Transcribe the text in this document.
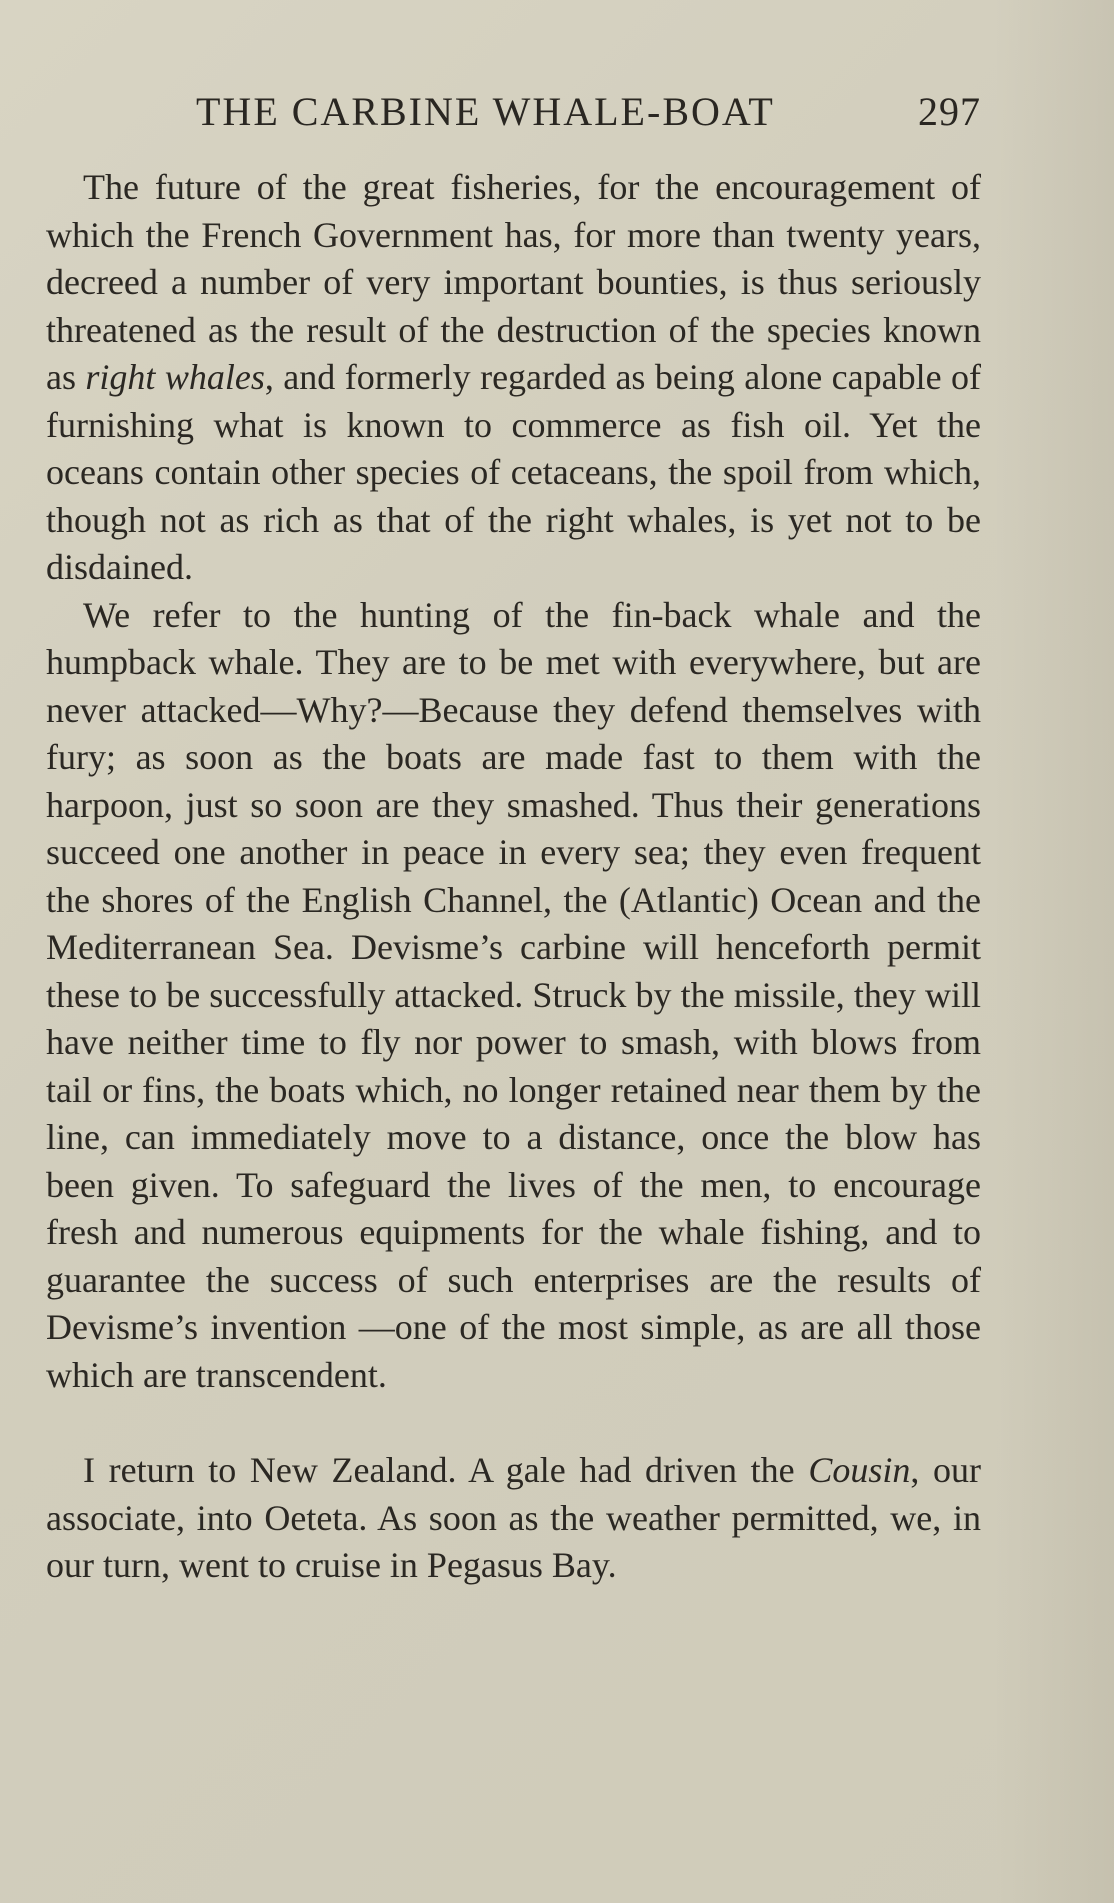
THE CARBINE WHALE-BOAT	297

The future of the great fisheries, for the encouragement of which the French Government has, for more than twenty years, decreed a number of very important bounties, is thus seriously threatened as the result of the destruction of the species known as right whales, and formerly regarded as being alone capable of furnishing what is known to commerce as fish oil. Yet the oceans contain other species of cetaceans, the spoil from which, though not as rich as that of the right whales, is yet not to be disdained.

We refer to the hunting of the fin-back whale and the humpback whale. They are to be met with everywhere, but are never attacked—Why?—Because they defend themselves with fury; as soon as the boats are made fast to them with the harpoon, just so soon are they smashed. Thus their generations succeed one another in peace in every sea; they even frequent the shores of the English Channel, the (Atlantic) Ocean and the Mediterranean Sea. Devisme’s carbine will henceforth permit these to be successfully attacked. Struck by the missile, they will have neither time to fly nor power to smash, with blows from tail or fins, the boats which, no longer retained near them by the line, can immediately move to a distance, once the blow has been given. To safeguard the lives of the men, to encourage fresh and numerous equipments for the whale fishing, and to guarantee the success of such enterprises are the results of Devisme’s invention —one of the most simple, as are all those which are transcendent.

I return to New Zealand. A gale had driven the Cousin, our associate, into Oeteta. As soon as the weather permitted, we, in our turn, went to cruise in Pegasus Bay.
